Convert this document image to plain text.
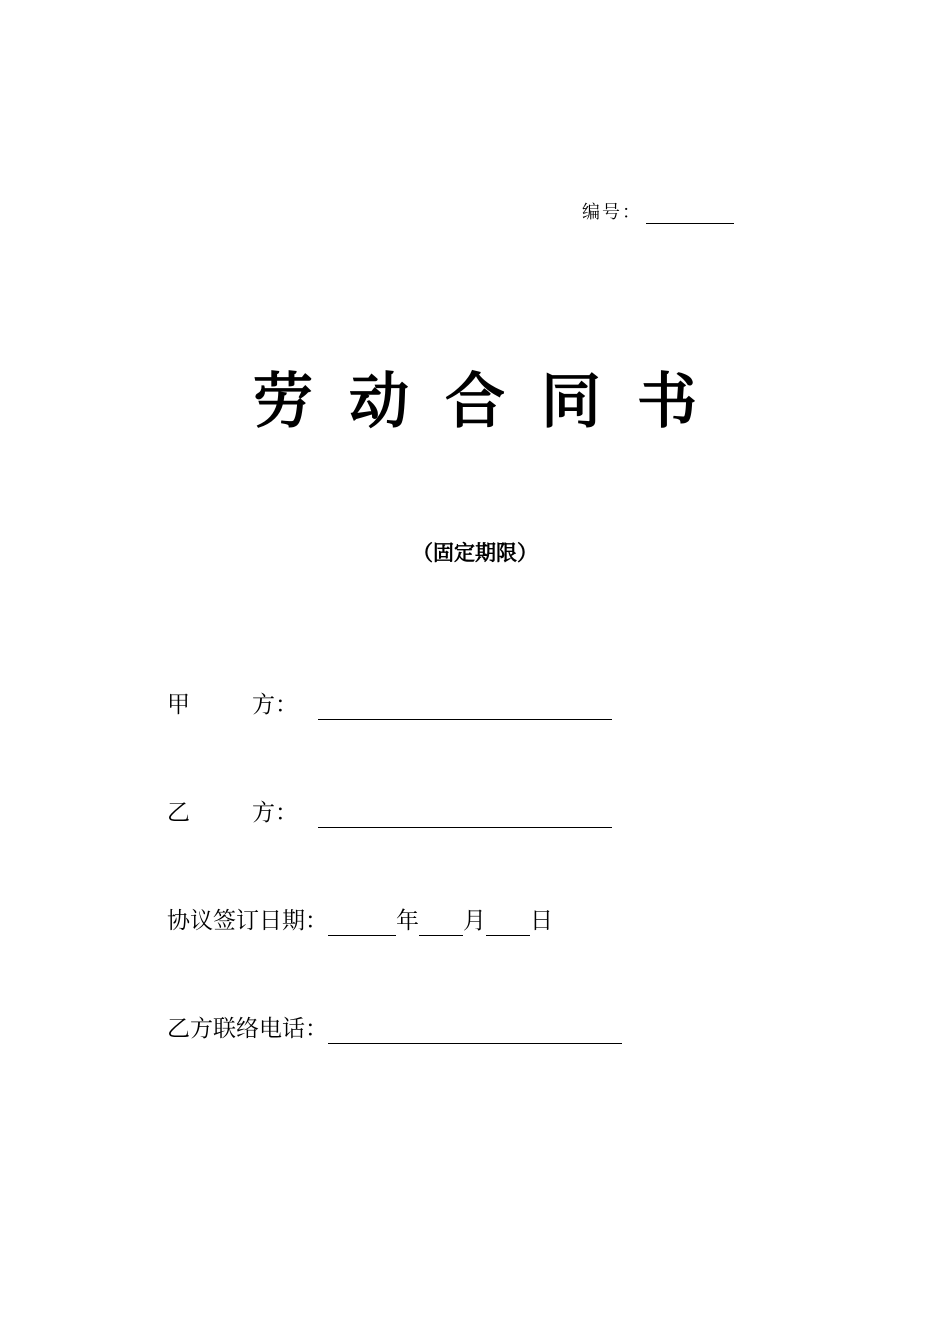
编号：
劳动合同书
（固定期限）
甲	方：
乙	方：
协议签订日期：	年 月 日
乙方联络电话：
